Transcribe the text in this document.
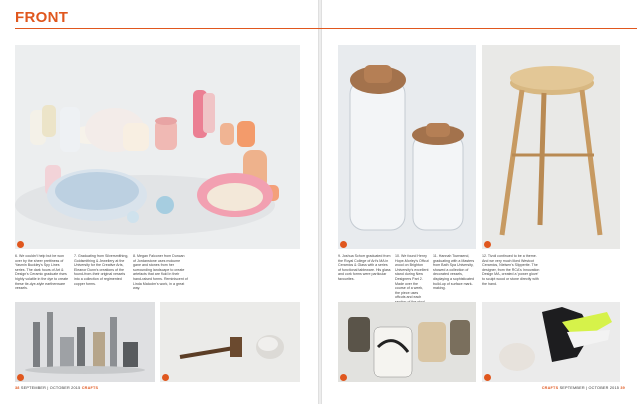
FRONT
6. We couldn't help but be won over by the sheer prettiness of Yasmin Buckley's Spy Lines series. The dark hours of Art & Design's Ceramic graduate rises highly volatile in the dye to create these tie-dye-style earthenware vessels.
7. Graduating from Silversmithing, Goldsmithing & Jewellery at the University for the Creative Arts, Eleanor Dunn's creations of the found-from-their original vessels into a collection of regimented copper forms.
8. Megan Falconer from Duncan of Jordanstone uses mokume gane and stones from her surrounding landscape to create artefacts that are fluid in their hand-raised forms. Reminiscent of Linda Malcolm's work, in a great way.
9. Joshua Schorr graduated from the Royal College of Art's MA in Ceramics & Glass with a series of functional tableware. His glass and cork forms were particular favourites.
10. We found Henry Hope-Morley's Offcut wood on Brighton University's excellent stand during New Designers Part 2. Made over the course of a week, the piece uses offcuts and each
11. Hannah Townsend, graduating with a Masters from Bath Spa University, showed a collection of decorated vessels, displaying a sophisticated build-up of surface mark-making.
12. Tivoli continued to be a theme. And we very much liked Westcot Ceramics, Nielsen's Slipperite. The designer, from the RCA's Innovation Design MA, created a 'power glove' to sculpt wood or stone directly with the hand.
38 SEPTEMBER | OCTOBER 2015 CRAFTS	CRAFTS SEPTEMBER | OCTOBER 2015 39
